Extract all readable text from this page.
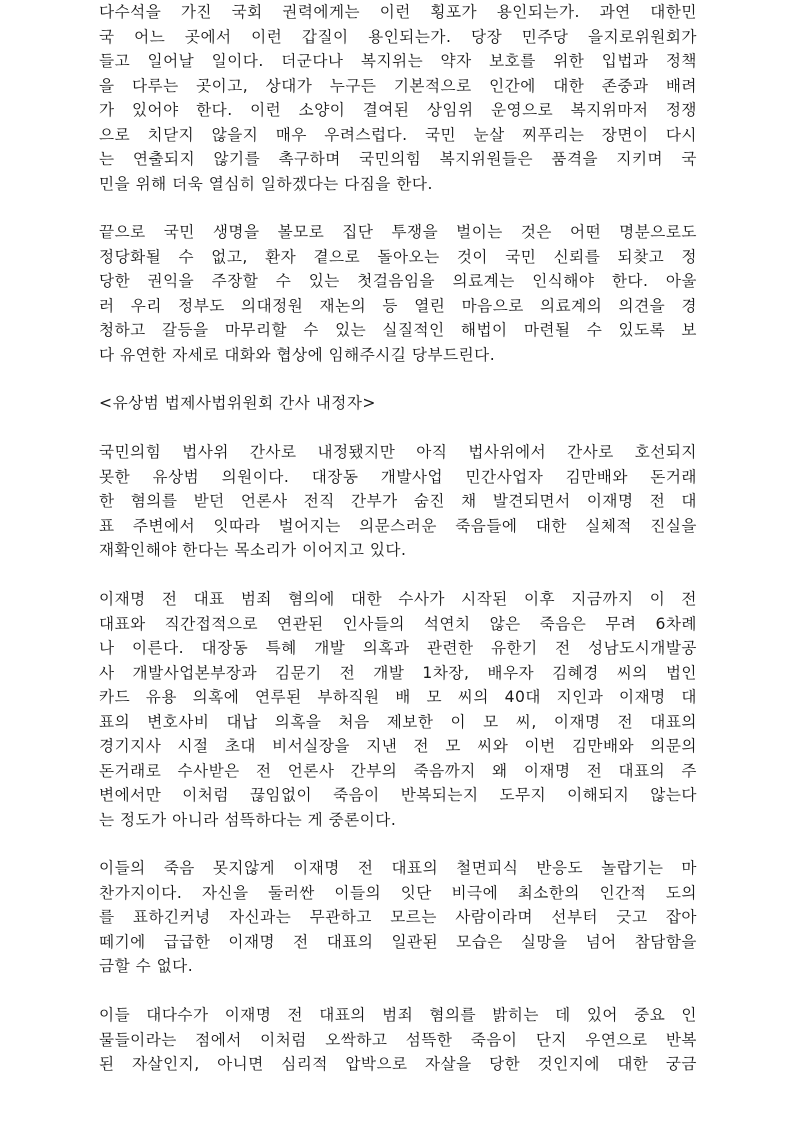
다수석을 가진 국회 권력에게는 이런 횡포가 용인되는가. 과연 대한민
국 어느 곳에서 이런 갑질이 용인되는가. 당장 민주당 을지로위원회가
들고 일어날 일이다. 더군다나 복지위는 약자 보호를 위한 입법과 정책
을 다루는 곳이고, 상대가 누구든 기본적으로 인간에 대한 존중과 배려
가 있어야 한다. 이런 소양이 결여된 상임위 운영으로 복지위마저 정쟁
으로 치닫지 않을지 매우 우려스럽다. 국민 눈살 찌푸리는 장면이 다시
는 연출되지 않기를 촉구하며 국민의힘 복지위원들은 품격을 지키며 국
민을 위해 더욱 열심히 일하겠다는 다짐을 한다.
끝으로 국민 생명을 볼모로 집단 투쟁을 벌이는 것은 어떤 명분으로도
정당화될 수 없고, 환자 곁으로 돌아오는 것이 국민 신뢰를 되찾고 정
당한 권익을 주장할 수 있는 첫걸음임을 의료계는 인식해야 한다. 아울
러 우리 정부도 의대정원 재논의 등 열린 마음으로 의료계의 의견을 경
청하고 갈등을 마무리할 수 있는 실질적인 해법이 마련될 수 있도록 보
다 유연한 자세로 대화와 협상에 임해주시길 당부드린다.
<유상범 법제사법위원회 간사 내정자>
국민의힘 법사위 간사로 내정됐지만 아직 법사위에서 간사로 호선되지
못한 유상범 의원이다. 대장동 개발사업 민간사업자 김만배와 돈거래
한 혐의를 받던 언론사 전직 간부가 숨진 채 발견되면서 이재명 전 대
표 주변에서 잇따라 벌어지는 의문스러운 죽음들에 대한 실체적 진실을
재확인해야 한다는 목소리가 이어지고 있다.
이재명 전 대표 범죄 혐의에 대한 수사가 시작된 이후 지금까지 이 전
대표와 직간접적으로 연관된 인사들의 석연치 않은 죽음은 무려 6차례
나 이른다. 대장동 특혜 개발 의혹과 관련한 유한기 전 성남도시개발공
사 개발사업본부장과 김문기 전 개발 1차장, 배우자 김혜경 씨의 법인
카드 유용 의혹에 연루된 부하직원 배 모 씨의 40대 지인과 이재명 대
표의 변호사비 대납 의혹을 처음 제보한 이 모 씨, 이재명 전 대표의
경기지사 시절 초대 비서실장을 지낸 전 모 씨와 이번 김만배와 의문의
돈거래로 수사받은 전 언론사 간부의 죽음까지 왜 이재명 전 대표의 주
변에서만 이처럼 끊임없이 죽음이 반복되는지 도무지 이해되지 않는다
는 정도가 아니라 섬뜩하다는 게 중론이다.
이들의 죽음 못지않게 이재명 전 대표의 철면피식 반응도 놀랍기는 마
찬가지이다. 자신을 둘러싼 이들의 잇단 비극에 최소한의 인간적 도의
를 표하긴커녕 자신과는 무관하고 모르는 사람이라며 선부터 긋고 잡아
떼기에 급급한 이재명 전 대표의 일관된 모습은 실망을 넘어 참담함을
금할 수 없다.
이들 대다수가 이재명 전 대표의 범죄 혐의를 밝히는 데 있어 중요 인
물들이라는 점에서 이처럼 오싹하고 섬뜩한 죽음이 단지 우연으로 반복
된 자살인지, 아니면 심리적 압박으로 자살을 당한 것인지에 대한 궁금
